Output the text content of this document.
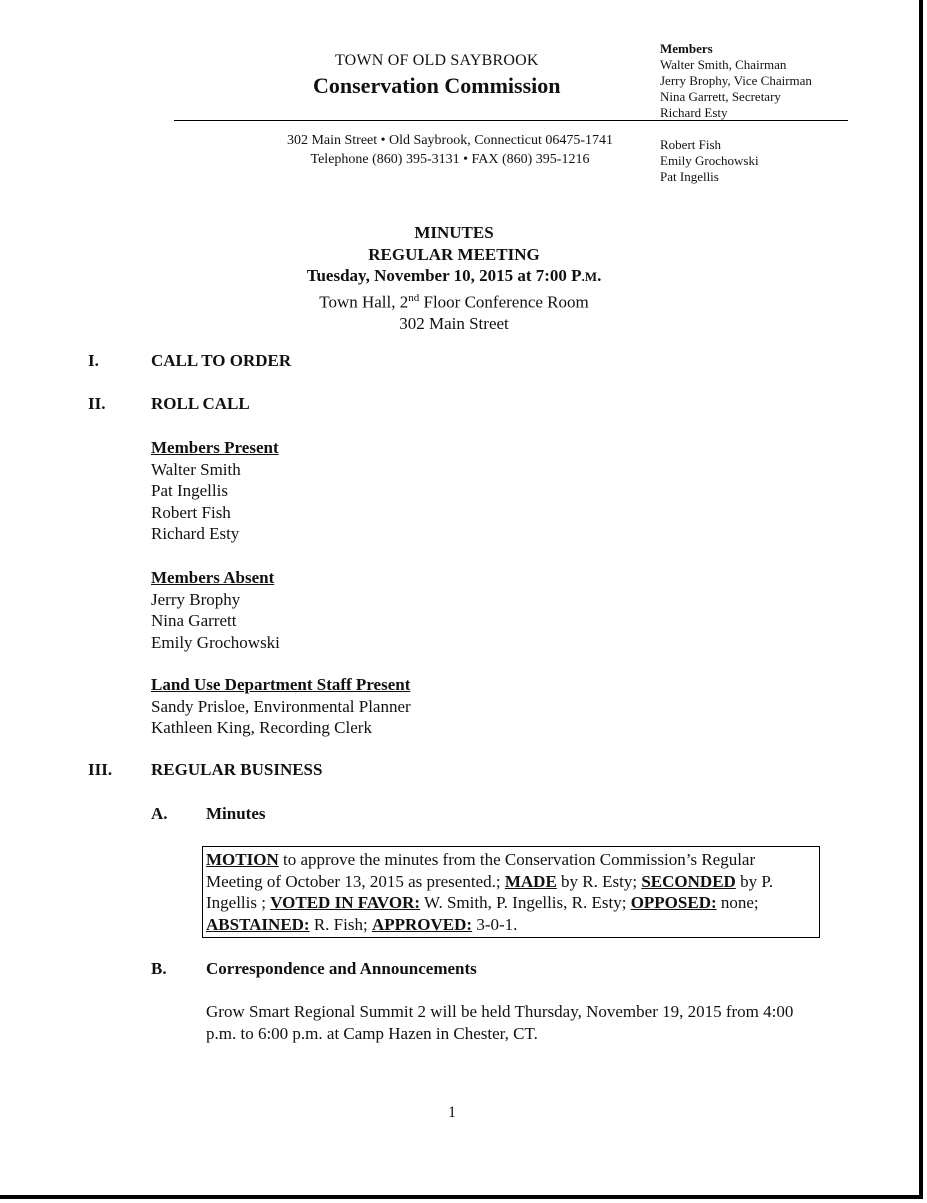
TOWN OF OLD SAYBROOK
Conservation Commission
302 Main Street • Old Saybrook, Connecticut 06475-1741
Telephone (860) 395-3131 • FAX (860) 395-1216
Members
Walter Smith, Chairman
Jerry Brophy, Vice Chairman
Nina Garrett, Secretary
Richard Esty
Robert Fish
Emily Grochowski
Pat Ingellis
MINUTES
REGULAR MEETING
Tuesday, November 10, 2015 at 7:00 P.M.
Town Hall, 2nd Floor Conference Room
302 Main Street
I.	CALL TO ORDER
II.	ROLL CALL
Members Present
Walter Smith
Pat Ingellis
Robert Fish
Richard Esty
Members Absent
Jerry Brophy
Nina Garrett
Emily Grochowski
Land Use Department Staff Present
Sandy Prisloe, Environmental Planner
Kathleen King, Recording Clerk
III. REGULAR BUSINESS
A. Minutes
MOTION to approve the minutes from the Conservation Commission’s Regular Meeting of October 13, 2015 as presented.; MADE by R. Esty; SECONDED by P. Ingellis ; VOTED IN FAVOR: W. Smith, P. Ingellis, R. Esty; OPPOSED: none; ABSTAINED: R. Fish; APPROVED: 3-0-1.
B. Correspondence and Announcements
Grow Smart Regional Summit 2 will be held Thursday, November 19, 2015 from 4:00 p.m. to 6:00 p.m. at Camp Hazen in Chester, CT.
1
